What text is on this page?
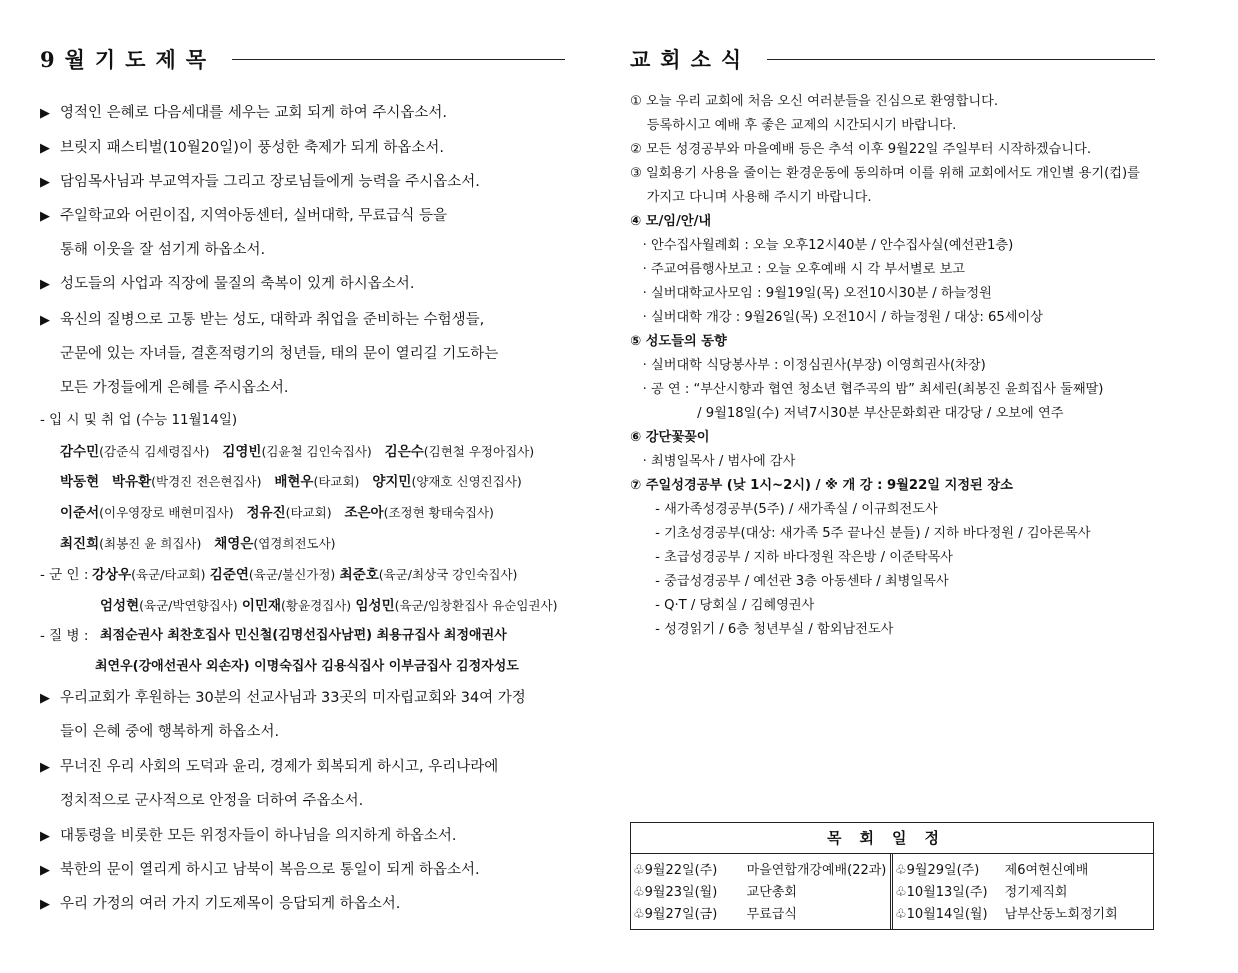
9월기도제목
▶ 영적인 은혜로 다음세대를 세우는 교회 되게 하여 주시옵소서.
▶ 브릿지 패스티벌(10월20일)이 풍성한 축제가 되게 하옵소서.
▶ 담임목사님과 부교역자들 그리고 장로님들에게 능력을 주시옵소서.
▶ 주일학교와 어린이집, 지역아동센터, 실버대학, 무료급식 등을
통해 이웃을 잘 섬기게 하옵소서.
▶ 성도들의 사업과 직장에 물질의 축복이 있게 하시옵소서.
▶ 육신의 질병으로 고통 받는 성도, 대학과 취업을 준비하는 수험생들,
군문에 있는 자녀들, 결혼적령기의 청년들, 태의 문이 열리길 기도하는
모든 가정들에게 은혜를 주시옵소서.
- 입 시 및 취 업 (수능 11월14일)
감수민(감준식 김세령집사) 김영빈(김윤철 김인숙집사) 김은수(김현철 우정아집사)
박동현 박유환(박경진 전은현집사) 배현우(타교회) 양지민(양재호 신영진집사)
이준서(이우영장로 배현미집사) 정유진(타교회) 조은아(조정현 황태숙집사)
최진희(최봉진 윤 희집사) 채영은(엽경희전도사)
- 군 인 : 강상우(육군/타교회) 김준연(육군/불신가정) 최준호(육군/최상국 강인숙집사)
엄성현(육군/박연향집사) 이민재(황윤경집사) 임성민(육군/임창환집사 유순임권사)
- 질 병 : 최점순권사 최찬호집사 민신철(김명선집사남편) 최용규집사 최정애권사
최연우(강애선권사 외손자) 이명숙집사 김용식집사 이부금집사 김정자성도
▶ 우리교회가 후원하는 30분의 선교사님과 33곳의 미자립교회와 34여 가정
들이 은혜 중에 행복하게 하옵소서.
▶ 무너진 우리 사회의 도덕과 윤리, 경제가 회복되게 하시고, 우리나라에
정치적으로 군사적으로 안정을 더하여 주옵소서.
▶ 대통령을 비롯한 모든 위정자들이 하나님을 의지하게 하옵소서.
▶ 북한의 문이 열리게 하시고 남북이 복음으로 통일이 되게 하옵소서.
▶ 우리 가정의 여러 가지 기도제목이 응답되게 하옵소서.
교회소식
① 오늘 우리 교회에 처음 오신 여러분들을 진심으로 환영합니다.
등록하시고 예배 후 좋은 교제의 시간되시기 바랍니다.
② 모든 성경공부와 마을예배 등은 추석 이후 9월22일 주일부터 시작하겠습니다.
③ 일회용기 사용을 줄이는 환경운동에 동의하며 이를 위해 교회에서도 개인별 용기(컵)를
가지고 다니며 사용해 주시기 바랍니다.
④ 모/임/안/내
· 안수집사월례회 : 오늘 오후12시40분 / 안수집사실(예선관1층)
· 주교여름행사보고 : 오늘 오후예배 시 각 부서별로 보고
· 실버대학교사모임 : 9월19일(목) 오전10시30분 / 하늘정원
· 실버대학 개강 : 9월26일(목) 오전10시 / 하늘정원 / 대상: 65세이상
⑤ 성도들의 동향
· 실버대학 식당봉사부 : 이정심권사(부장) 이영희권사(차장)
· 공 연 : “부산시향과 협연 청소년 협주곡의 밤” 최세린(최봉진 윤희집사 둘째딸)
/ 9월18일(수) 저녁7시30분 부산문화회관 대강당 / 오보에 연주
⑥ 강단꽃꽂이
· 최병일목사 / 범사에 감사
⑦ 주일성경공부 (낮 1시~2시) / ※ 개 강 : 9월22일 지정된 장소
- 새가족성경공부(5주) / 새가족실 / 이규희전도사
- 기초성경공부(대상: 새가족 5주 끝나신 분들) / 지하 바다정원 / 김아론목사
- 초급성경공부 / 지하 바다정원 작은방 / 이준탁목사
- 중급성경공부 / 예선관 3층 아동센타 / 최병일목사
- Q·T / 당회실 / 김혜영권사
- 성경읽기 / 6층 청년부실 / 함외남전도사
목회일정
♧9월22일(주) 마을연합개강예배(22과)
♧9월23일(월) 교단총회
♧9월27일(금) 무료급식
♧9월29일(주) 제6여현신예배
♧10월13일(주) 정기제직회
♧10월14일(월) 남부산동노회정기회
